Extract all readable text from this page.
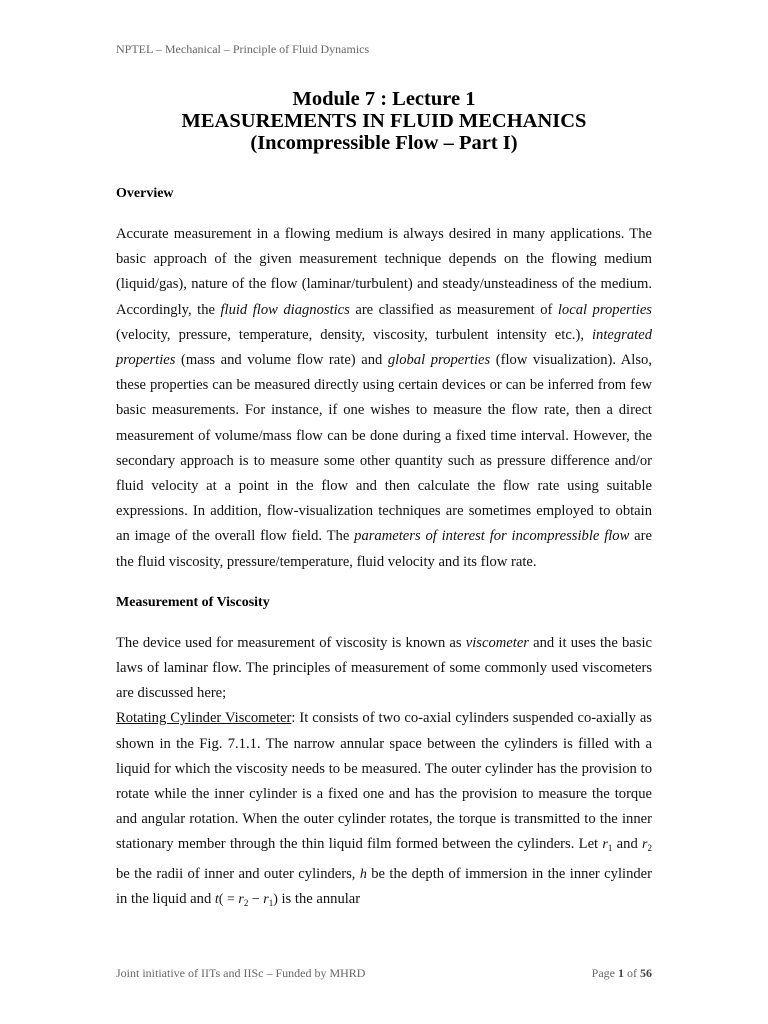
NPTEL – Mechanical – Principle of Fluid Dynamics
Module 7 : Lecture 1
MEASUREMENTS IN FLUID MECHANICS
(Incompressible Flow – Part I)
Overview

Accurate measurement in a flowing medium is always desired in many applications. The basic approach of the given measurement technique depends on the flowing medium (liquid/gas), nature of the flow (laminar/turbulent) and steady/unsteadiness of the medium. Accordingly, the fluid flow diagnostics are classified as measurement of local properties (velocity, pressure, temperature, density, viscosity, turbulent intensity etc.), integrated properties (mass and volume flow rate) and global properties (flow visualization). Also, these properties can be measured directly using certain devices or can be inferred from few basic measurements. For instance, if one wishes to measure the flow rate, then a direct measurement of volume/mass flow can be done during a fixed time interval. However, the secondary approach is to measure some other quantity such as pressure difference and/or fluid velocity at a point in the flow and then calculate the flow rate using suitable expressions. In addition, flow-visualization techniques are sometimes employed to obtain an image of the overall flow field. The parameters of interest for incompressible flow are the fluid viscosity, pressure/temperature, fluid velocity and its flow rate.

Measurement of Viscosity

The device used for measurement of viscosity is known as viscometer and it uses the basic laws of laminar flow. The principles of measurement of some commonly used viscometers are discussed here;

Rotating Cylinder Viscometer: It consists of two co-axial cylinders suspended co-axially as shown in the Fig. 7.1.1. The narrow annular space between the cylinders is filled with a liquid for which the viscosity needs to be measured. The outer cylinder has the provision to rotate while the inner cylinder is a fixed one and has the provision to measure the torque and angular rotation. When the outer cylinder rotates, the torque is transmitted to the inner stationary member through the thin liquid film formed between the cylinders. Let $r_1$ and $r_2$ be the radii of inner and outer cylinders, h be the depth of immersion in the inner cylinder in the liquid and $t( = r_2 - r_1)$ is the annular

Joint initiative of IITs and IISc – Funded by MHRD	Page 1 of 56
